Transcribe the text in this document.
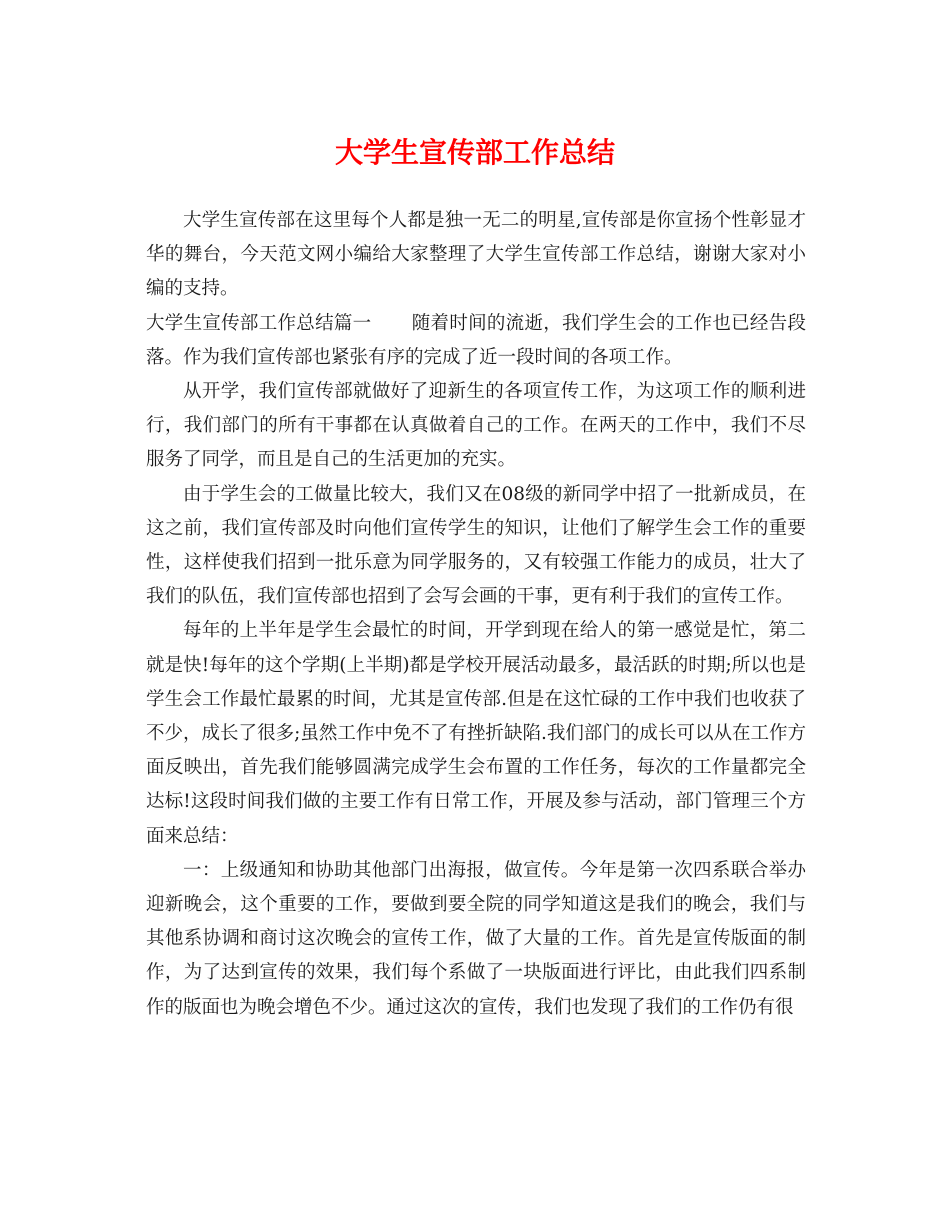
大学生宣传部工作总结

大学生宣传部在这里每个人都是独一无二的明星,宣传部是你宣扬个性彰显才华的舞台，今天范文网小编给大家整理了大学生宣传部工作总结，谢谢大家对小编的支持。

大学生宣传部工作总结篇一 随着时间的流逝，我们学生会的工作也已经告段落。作为我们宣传部也紧张有序的完成了近一段时间的各项工作。

从开学，我们宣传部就做好了迎新生的各项宣传工作，为这项工作的顺利进行，我们部门的所有干事都在认真做着自己的工作。在两天的工作中，我们不尽服务了同学，而且是自己的生活更加的充实。

由于学生会的工做量比较大，我们又在08级的新同学中招了一批新成员，在这之前，我们宣传部及时向他们宣传学生的知识，让他们了解学生会工作的重要性，这样使我们招到一批乐意为同学服务的，又有较强工作能力的成员，壮大了我们的队伍，我们宣传部也招到了会写会画的干事，更有利于我们的宣传工作。

每年的上半年是学生会最忙的时间，开学到现在给人的第一感觉是忙，第二就是快!每年的这个学期(上半期)都是学校开展活动最多，最活跃的时期;所以也是学生会工作最忙最累的时间，尤其是宣传部.但是在这忙碌的工作中我们也收获了不少，成长了很多;虽然工作中免不了有挫折缺陷.我们部门的成长可以从在工作方面反映出，首先我们能够圆满完成学生会布置的工作任务，每次的工作量都完全达标!这段时间我们做的主要工作有日常工作，开展及参与活动，部门管理三个方面来总结：

一：上级通知和协助其他部门出海报，做宣传。今年是第一次四系联合举办迎新晚会，这个重要的工作，要做到要全院的同学知道这是我们的晚会，我们与其他系协调和商讨这次晚会的宣传工作，做了大量的工作。首先是宣传版面的制作，为了达到宣传的效果，我们每个系做了一块版面进行评比，由此我们四系制作的版面也为晚会增色不少。通过这次的宣传，我们也发现了我们的工作仍有很
